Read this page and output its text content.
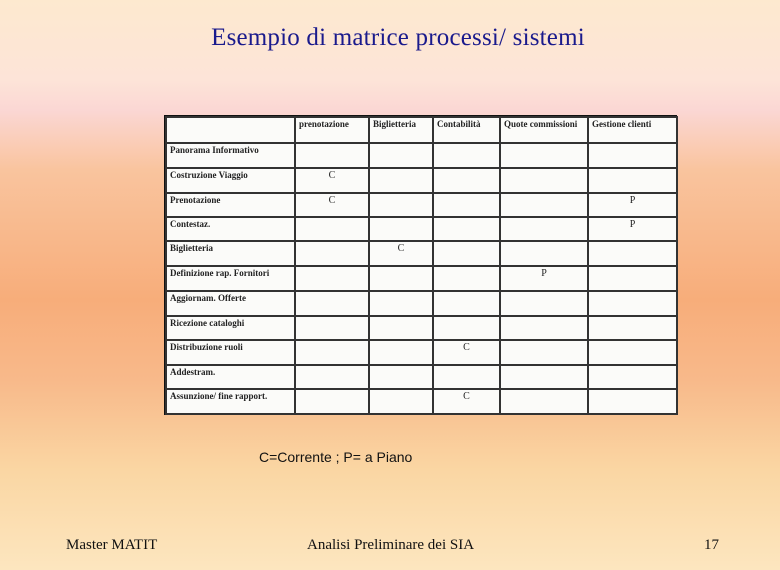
Esempio di matrice processi/ sistemi
	prenotazione	Biglietteria	Contabilità	Quote commissioni	Gestione clienti
Panorama Informativo					
Costruzione Viaggio	C				
Prenotazione	C				P
Contestaz.					P
Biglietteria		C			
Definizione rap. Fornitori				P	
Aggiornam. Offerte					
Ricezione cataloghi					
Distribuzione ruoli			C		
Addestram.					
Assunzione/ fine rapport.			C		
C=Corrente ; P= a Piano
Master MATIT	Analisi Preliminare dei SIA	17
